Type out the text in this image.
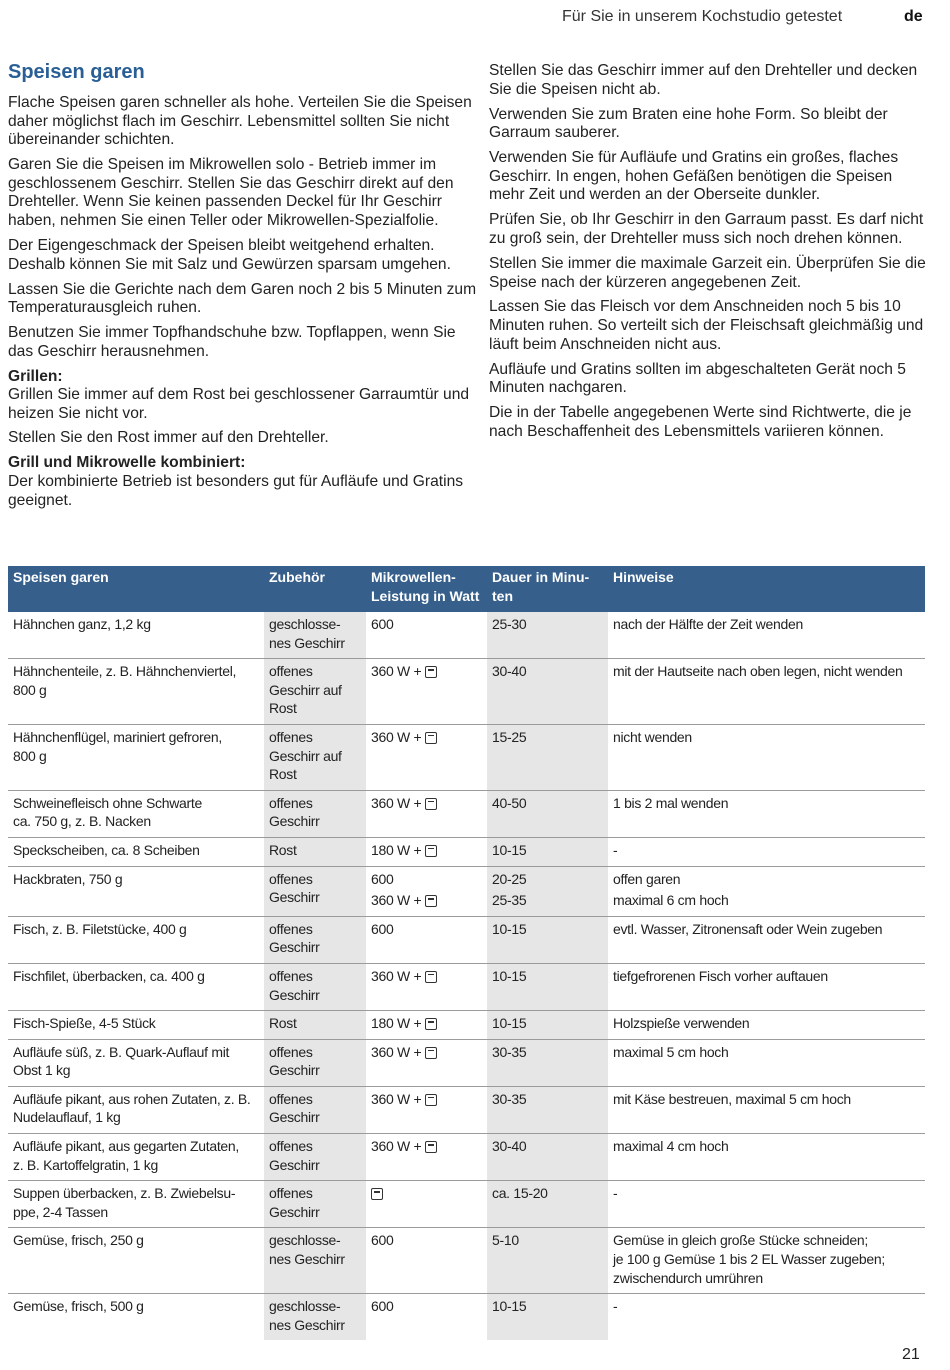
Für Sie in unserem Kochstudio getestet	de
Speisen garen

Flache Speisen garen schneller als hohe. Verteilen Sie die Speisen daher möglichst flach im Geschirr. Lebensmittel sollten Sie nicht übereinander schichten.

Garen Sie die Speisen im Mikrowellen solo - Betrieb immer im geschlossenem Geschirr. Stellen Sie das Geschirr direkt auf den Drehteller. Wenn Sie keinen passenden Deckel für Ihr Geschirr haben, nehmen Sie einen Teller oder Mikrowellen-Spezialfolie.

Der Eigengeschmack der Speisen bleibt weitgehend erhalten. Deshalb können Sie mit Salz und Gewürzen sparsam umgehen.

Lassen Sie die Gerichte nach dem Garen noch 2 bis 5 Minuten zum Temperaturausgleich ruhen.

Benutzen Sie immer Topfhandschuhe bzw. Topflappen, wenn Sie das Geschirr herausnehmen.

Grillen:
Grillen Sie immer auf dem Rost bei geschlossener Garraumtür und heizen Sie nicht vor.

Stellen Sie den Rost immer auf den Drehteller.

Grill und Mikrowelle kombiniert:
Der kombinierte Betrieb ist besonders gut für Aufläufe und Gratins geeignet.

Stellen Sie das Geschirr immer auf den Drehteller und decken Sie die Speisen nicht ab.

Verwenden Sie zum Braten eine hohe Form. So bleibt der Garraum sauberer.

Verwenden Sie für Aufläufe und Gratins ein großes, flaches Geschirr. In engen, hohen Gefäßen benötigen die Speisen mehr Zeit und werden an der Oberseite dunkler.

Prüfen Sie, ob Ihr Geschirr in den Garraum passt. Es darf nicht zu groß sein, der Drehteller muss sich noch drehen können.

Stellen Sie immer die maximale Garzeit ein. Überprüfen Sie die Speise nach der kürzeren angegebenen Zeit.

Lassen Sie das Fleisch vor dem Anschneiden noch 5 bis 10 Minuten ruhen. So verteilt sich der Fleischsaft gleichmäßig und läuft beim Anschneiden nicht aus.

Aufläufe und Gratins sollten im abgeschalteten Gerät noch 5 Minuten nachgaren.

Die in der Tabelle angegebenen Werte sind Richtwerte, die je nach Beschaffenheit des Lebensmittels variieren können.

Speisen garen	Zubehör	Mikrowellen-
Leistung in Watt	Dauer in Minu-
ten	Hinweise

Hähnchen ganz, 1,2 kg	geschlosse-
nes Geschirr	600	25-30	nach der Hälfte der Zeit wenden

Hähnchenteile, z. B. Hähnchenviertel,
800 g	offenes
Geschirr auf
Rost	360 W +	30-40	mit der Hautseite nach oben legen, nicht wenden

Hähnchenflügel, mariniert gefroren,
800 g	offenes
Geschirr auf
Rost	360 W +	15-25	nicht wenden

Schweinefleisch ohne Schwarte
ca. 750 g, z. B. Nacken	offenes
Geschirr	360 W +	40-50	1 bis 2 mal wenden

Speckscheiben, ca. 8 Scheiben	Rost	180 W +	10-15	-

Hackbraten, 750 g	offenes
Geschirr	600
360 W +	20-25
25-35	offen garen
maximal 6 cm hoch

Fisch, z. B. Filetstücke, 400 g	offenes
Geschirr	600	10-15	evtl. Wasser, Zitronensaft oder Wein zugeben

Fischfilet, überbacken, ca. 400 g	offenes
Geschirr	360 W +	10-15	tiefgefrorenen Fisch vorher auftauen

Fisch-Spieße, 4-5 Stück	Rost	180 W +	10-15	Holzspieße verwenden

Aufläufe süß, z. B. Quark-Auflauf mit
Obst 1 kg	offenes
Geschirr	360 W +	30-35	maximal 5 cm hoch

Aufläufe pikant, aus rohen Zutaten, z. B.
Nudelauflauf, 1 kg	offenes
Geschirr	360 W +	30-35	mit Käse bestreuen, maximal 5 cm hoch

Aufläufe pikant, aus gegarten Zutaten,
z. B. Kartoffelgratin, 1 kg	offenes
Geschirr	360 W +	30-40	maximal 4 cm hoch

Suppen überbacken, z. B. Zwiebelsu-
ppe, 2-4 Tassen	offenes
Geschirr		ca. 15-20	-

Gemüse, frisch, 250 g	geschlosse-
nes Geschirr	600	5-10	Gemüse in gleich große Stücke schneiden;
je 100 g Gemüse 1 bis 2 EL Wasser zugeben;
zwischendurch umrühren

Gemüse, frisch, 500 g	geschlosse-
nes Geschirr	600	10-15	-
21
